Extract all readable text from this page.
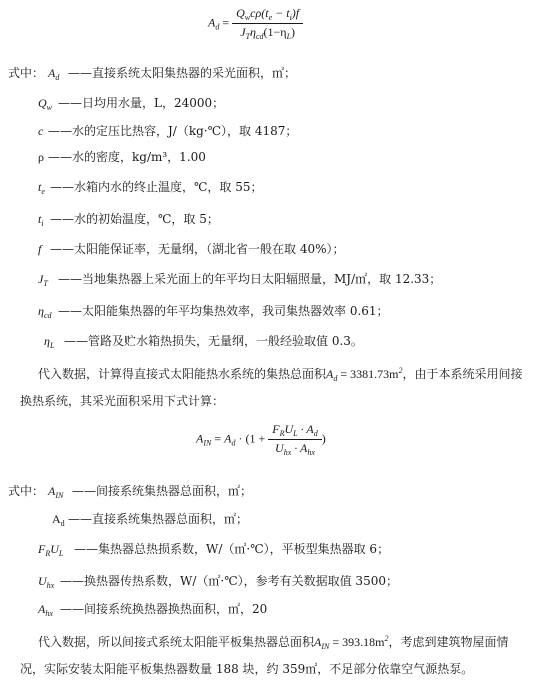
$A_d = \frac{Q_wc\rho(t_e - t_i)f}{J_T\eta_{cd}(1-\eta_L)}$
式中： $A_d$ ——直接系统太阳集热器的采光面积，㎡；
$Q_w$ ——日均用水量，L，24000；
c ——水的定压比热容，J/（kg·℃），取 4187；
ρ ——水的密度，kg/m³，1.00
$t_e$ ——水箱内水的终止温度，℃，取 55；
$t_i$ ——水的初始温度，℃，取 5；
f ——太阳能保证率，无量纲，（湖北省一般在取 40%）；
$J_T$ ——当地集热器上采光面上的年平均日太阳辐照量，MJ/㎡，取 12.33；
$\eta_{cd}$ ——太阳能集热器的年平均集热效率，我司集热器效率 0.61；
$\eta_L$ ——管路及贮水箱热损失，无量纲，一般经验取值 0.3。
代入数据，计算得直接式太阳能热水系统的集热总面积$A_d = 3381.73m^2$，由于本系统采用间接换热系统，其采光面积采用下式计算：
$A_{IN} = A_d \cdot (1 + \frac{F_RU_L \cdot A_d}{U_{hx} \cdot A_{hx}}$ )
式中： $A_{IN}$ ——间接系统集热器总面积，㎡；
$A_d$ ——直接系统集热器总面积，㎡；
$F_RU_L$ ——集热器总热损系数，W/（㎡·℃），平板型集热器取 6；
$U_{hx}$ ——换热器传热系数，W/（㎡·℃），参考有关数据取值 3500；
$A_{hx}$ ——间接系统换热器换热面积，㎡，20
代入数据，所以间接式系统太阳能平板集热器总面积$A_{IN} = 393.18m^2$，考虑到建筑物屋面情况，实际安装太阳能平板集热器数量 188 块，约 359㎡，不足部分依靠空气源热泵。
